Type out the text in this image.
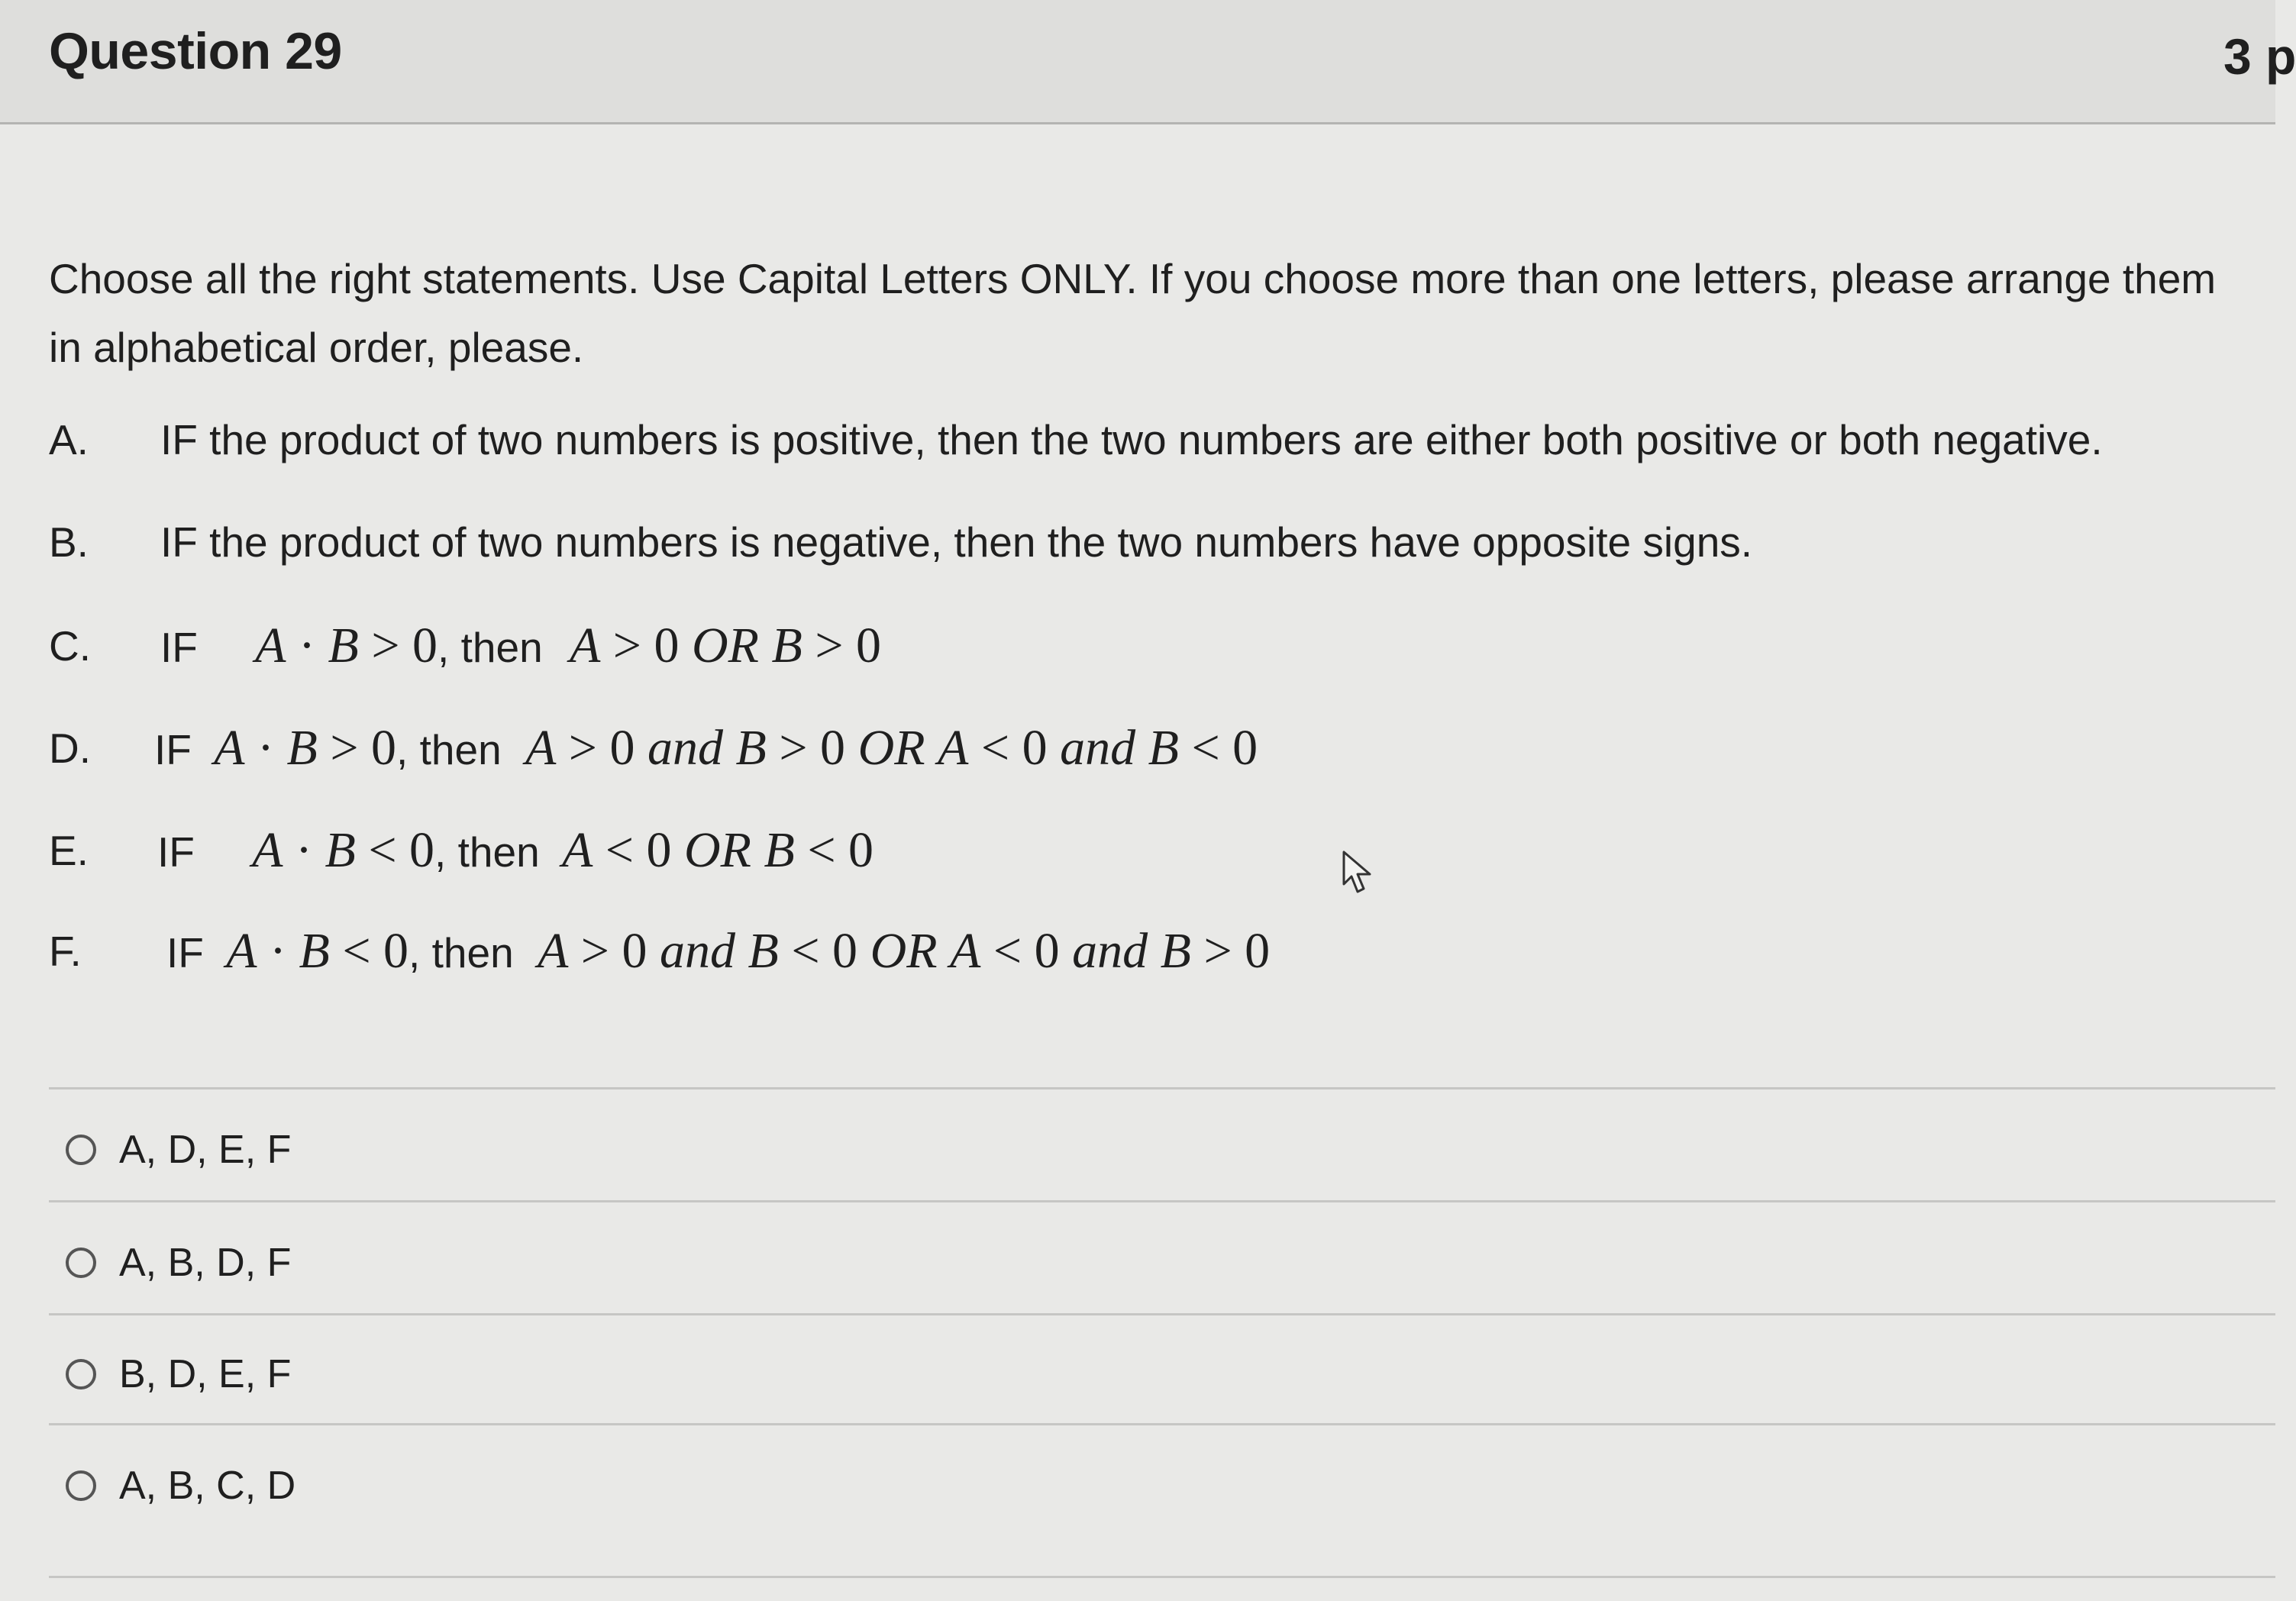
Question 29	3 p

Choose all the right statements. Use Capital Letters ONLY. If you choose more than one letters, please arrange them in alphabetical order, please.

A. IF the product of two numbers is positive, then the two numbers are either both positive or both negative.
B. IF the product of two numbers is negative, then the two numbers have opposite signs.
C. IF A · B > 0, then A > 0 OR B > 0
D. IF A · B > 0, then A > 0 and B > 0 OR A < 0 and B < 0
E. IF A · B < 0, then A < 0 OR B < 0
F. IF A · B < 0, then A > 0 and B < 0 OR A < 0 and B > 0
A, D, E, F
A, B, D, F
B, D, E, F
A, B, C, D
